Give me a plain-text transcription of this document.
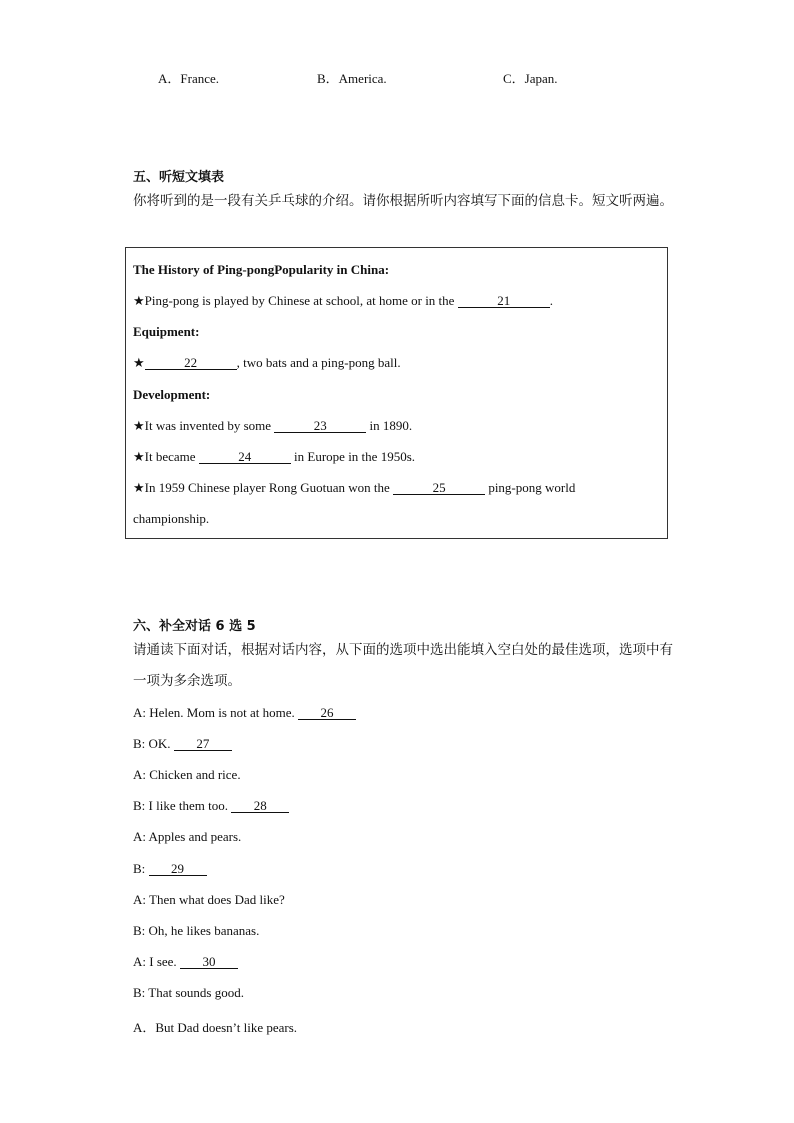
A．France.	B．America.	C．Japan.
五、听短文填表
你将听到的是一段有关乒乓球的介绍。请你根据所听内容填写下面的信息卡。短文听两遍。
The History of Ping-pongPopularity in China:
★Ping-pong is played by Chinese at school, at home or in the	21	.
Equipment:
★	22	, two bats and a ping-pong ball.
Development:
★It was invented by some	23	in 1890.
★It became	24	in Europe in the 1950s.
★In 1959 Chinese player Rong Guotuan won the	25	ping-pong world
championship.
六、补全对话 6 选 5
请通读下面对话，根据对话内容，从下面的选项中选出能填入空白处的最佳选项，选项中有一项为多余选项。
A: Helen. Mom is not at home. 26
B: OK. 27
A: Chicken and rice.
B: I like them too. 28
A: Apples and pears.
B: 29
A: Then what does Dad like?
B: Oh, he likes bananas.
A: I see. 30
B: That sounds good.
A．But Dad doesn’t like pears.
